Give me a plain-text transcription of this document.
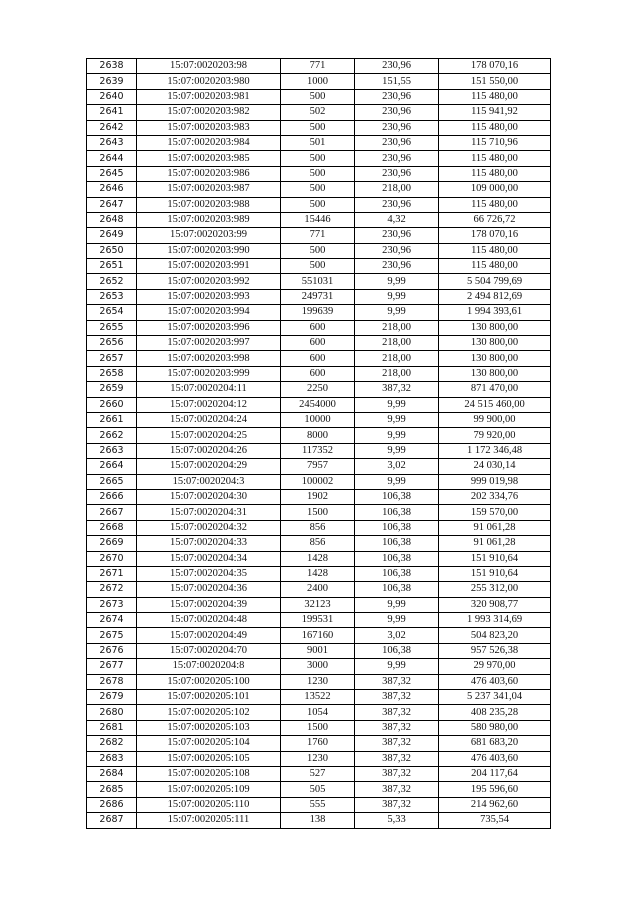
2638	15:07:0020203:98	771	230,96	178 070,16
2639	15:07:0020203:980	1000	151,55	151 550,00
2640	15:07:0020203:981	500	230,96	115 480,00
2641	15:07:0020203:982	502	230,96	115 941,92
2642	15:07:0020203:983	500	230,96	115 480,00
2643	15:07:0020203:984	501	230,96	115 710,96
2644	15:07:0020203:985	500	230,96	115 480,00
2645	15:07:0020203:986	500	230,96	115 480,00
2646	15:07:0020203:987	500	218,00	109 000,00
2647	15:07:0020203:988	500	230,96	115 480,00
2648	15:07:0020203:989	15446	4,32	66 726,72
2649	15:07:0020203:99	771	230,96	178 070,16
2650	15:07:0020203:990	500	230,96	115 480,00
2651	15:07:0020203:991	500	230,96	115 480,00
2652	15:07:0020203:992	551031	9,99	5 504 799,69
2653	15:07:0020203:993	249731	9,99	2 494 812,69
2654	15:07:0020203:994	199639	9,99	1 994 393,61
2655	15:07:0020203:996	600	218,00	130 800,00
2656	15:07:0020203:997	600	218,00	130 800,00
2657	15:07:0020203:998	600	218,00	130 800,00
2658	15:07:0020203:999	600	218,00	130 800,00
2659	15:07:0020204:11	2250	387,32	871 470,00
2660	15:07:0020204:12	2454000	9,99	24 515 460,00
2661	15:07:0020204:24	10000	9,99	99 900,00
2662	15:07:0020204:25	8000	9,99	79 920,00
2663	15:07:0020204:26	117352	9,99	1 172 346,48
2664	15:07:0020204:29	7957	3,02	24 030,14
2665	15:07:0020204:3	100002	9,99	999 019,98
2666	15:07:0020204:30	1902	106,38	202 334,76
2667	15:07:0020204:31	1500	106,38	159 570,00
2668	15:07:0020204:32	856	106,38	91 061,28
2669	15:07:0020204:33	856	106,38	91 061,28
2670	15:07:0020204:34	1428	106,38	151 910,64
2671	15:07:0020204:35	1428	106,38	151 910,64
2672	15:07:0020204:36	2400	106,38	255 312,00
2673	15:07:0020204:39	32123	9,99	320 908,77
2674	15:07:0020204:48	199531	9,99	1 993 314,69
2675	15:07:0020204:49	167160	3,02	504 823,20
2676	15:07:0020204:70	9001	106,38	957 526,38
2677	15:07:0020204:8	3000	9,99	29 970,00
2678	15:07:0020205:100	1230	387,32	476 403,60
2679	15:07:0020205:101	13522	387,32	5 237 341,04
2680	15:07:0020205:102	1054	387,32	408 235,28
2681	15:07:0020205:103	1500	387,32	580 980,00
2682	15:07:0020205:104	1760	387,32	681 683,20
2683	15:07:0020205:105	1230	387,32	476 403,60
2684	15:07:0020205:108	527	387,32	204 117,64
2685	15:07:0020205:109	505	387,32	195 596,60
2686	15:07:0020205:110	555	387,32	214 962,60
2687	15:07:0020205:111	138	5,33	735,54
